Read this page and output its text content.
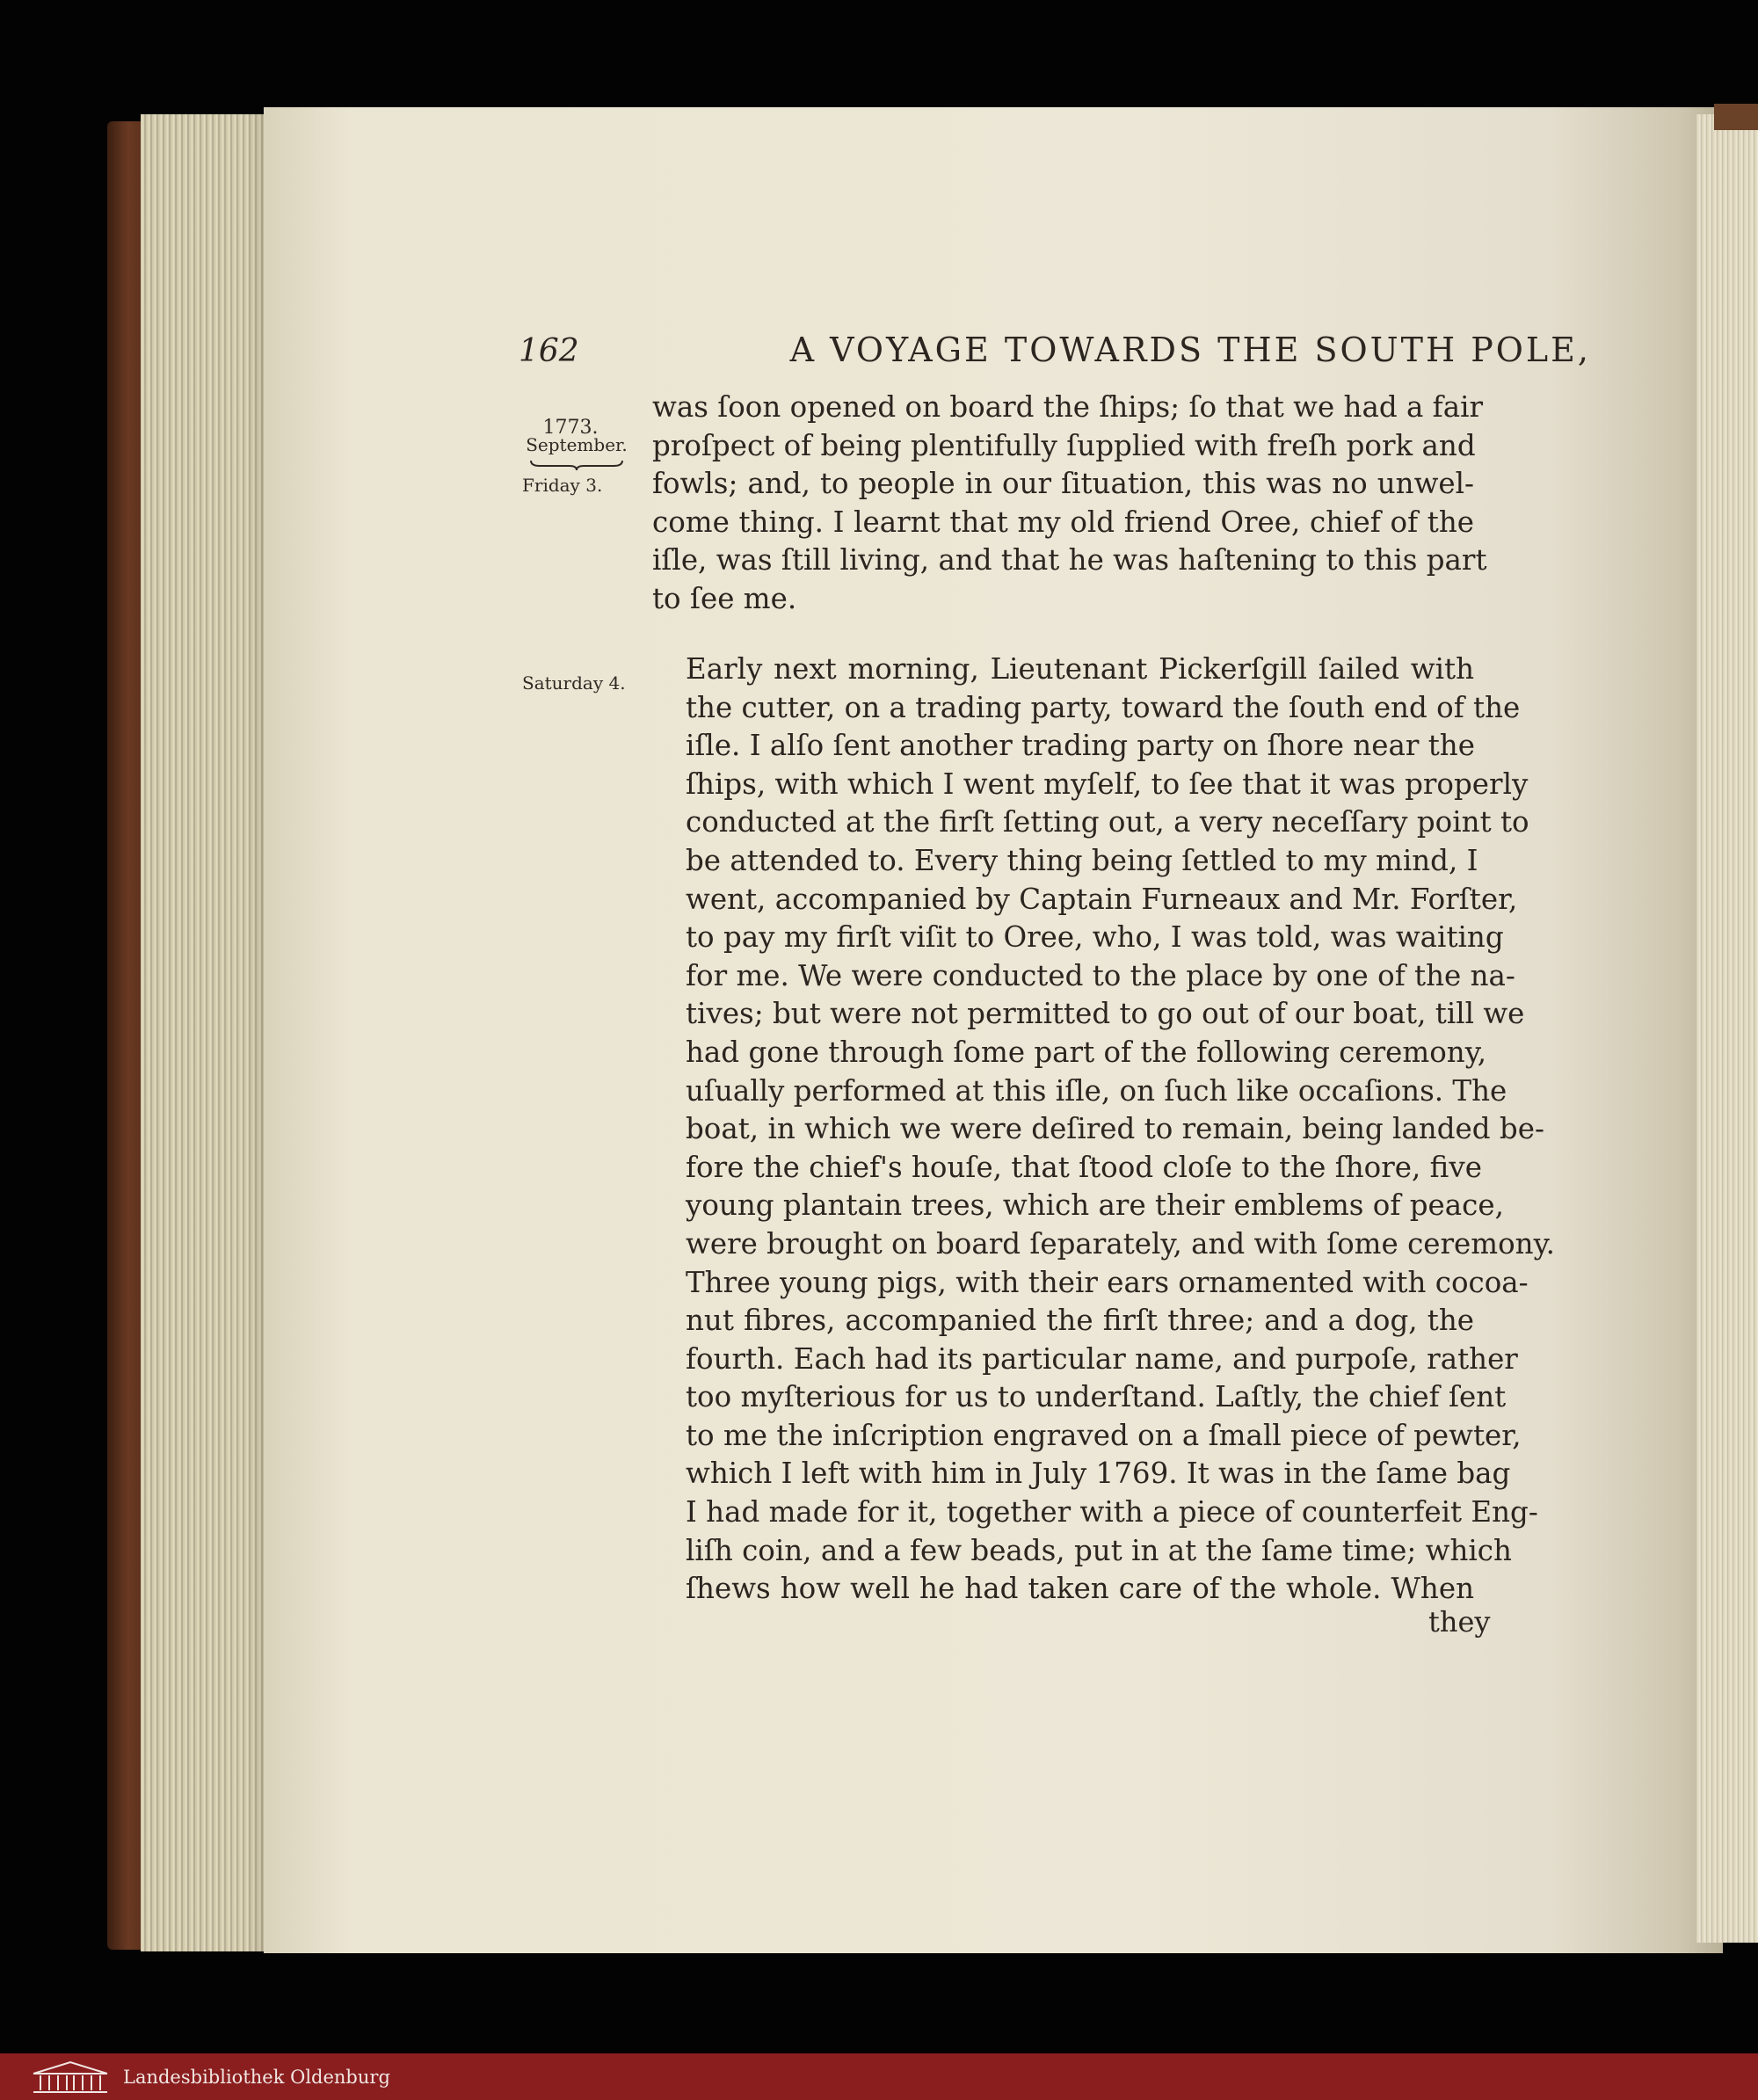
162	A VOYAGE TOWARDS THE SOUTH POLE,
1773.
September.
Friday 3.
Saturday 4.
was ſoon opened on board the ſhips; ſo that we had a fair
proſpect of being plentifully ſupplied with freſh pork and
fowls; and, to people in our ſituation, this was no unwel-
come thing. I learnt that my old friend Oree, chief of the
iſle, was ſtill living, and that he was haſtening to this part
to ſee me.
Early next morning, Lieutenant Pickerſgill ſailed with
the cutter, on a trading party, toward the ſouth end of the
iſle. I alſo ſent another trading party on ſhore near the
ſhips, with which I went myſelf, to ſee that it was properly
conducted at the firſt ſetting out, a very neceſſary point to
be attended to. Every thing being ſettled to my mind, I
went, accompanied by Captain Furneaux and Mr. Forſter,
to pay my firſt viſit to Oree, who, I was told, was waiting
for me. We were conducted to the place by one of the na-
tives; but were not permitted to go out of our boat, till we
had gone through ſome part of the following ceremony,
uſually performed at this iſle, on ſuch like occaſions. The
boat, in which we were deſired to remain, being landed be-
fore the chief's houſe, that ſtood cloſe to the ſhore, five
young plantain trees, which are their emblems of peace,
were brought on board ſeparately, and with ſome ceremony.
Three young pigs, with their ears ornamented with cocoa-
nut fibres, accompanied the firſt three; and a dog, the
fourth. Each had its particular name, and purpoſe, rather
too myſterious for us to underſtand. Laſtly, the chief ſent
to me the inſcription engraved on a ſmall piece of pewter,
which I left with him in July 1769. It was in the ſame bag
I had made for it, together with a piece of counterfeit Eng-
liſh coin, and a few beads, put in at the ſame time; which
ſhews how well he had taken care of the whole. When
they
Landesbibliothek Oldenburg
